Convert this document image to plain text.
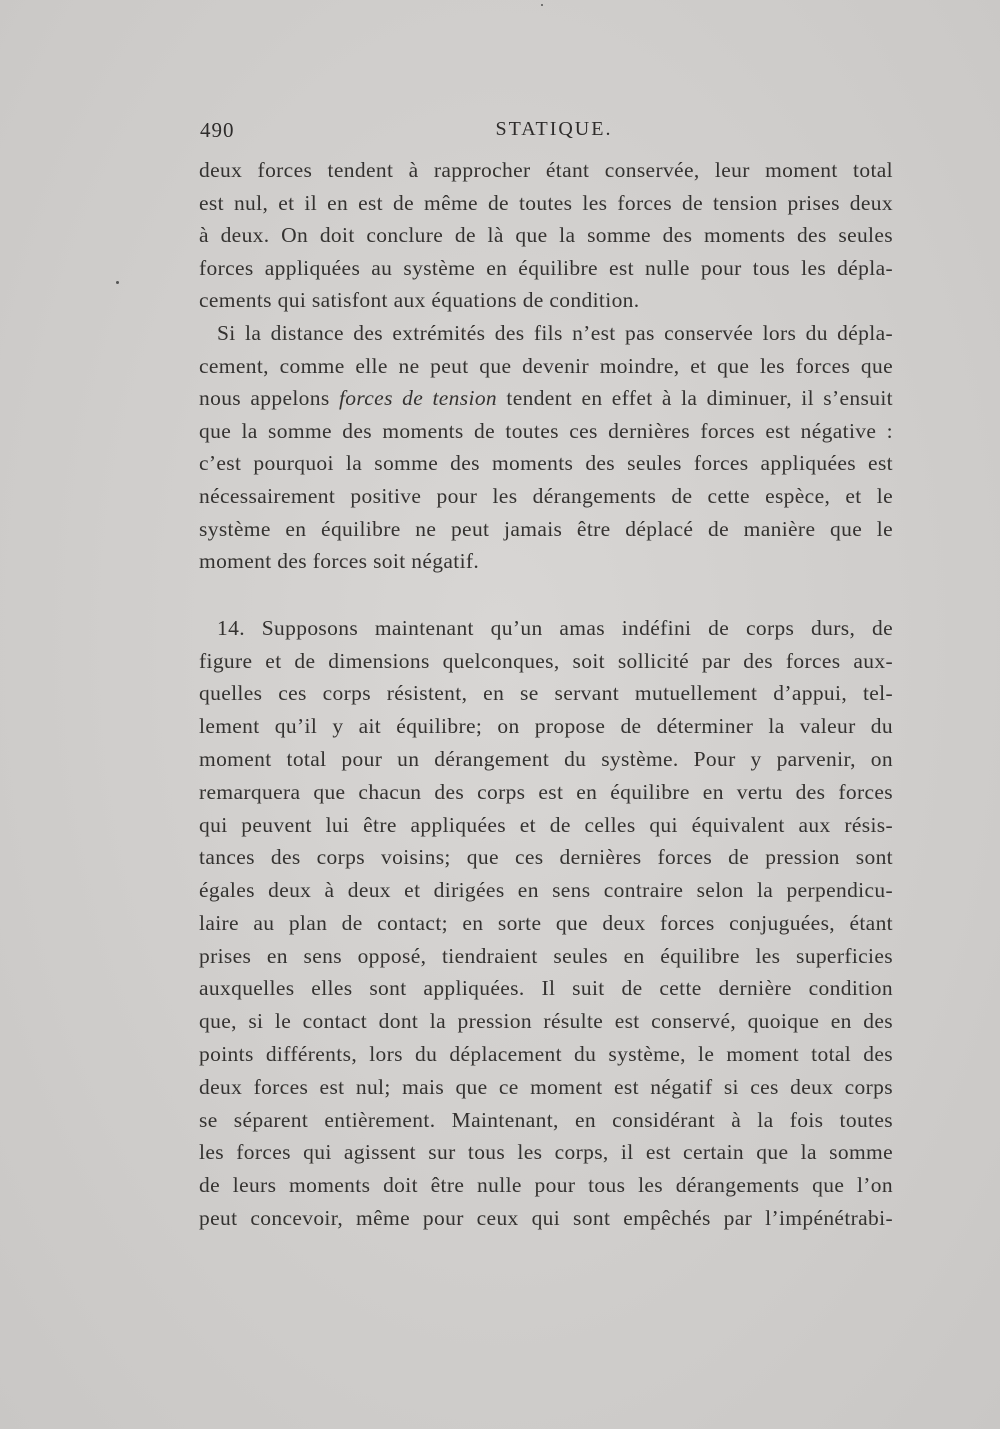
490	STATIQUE.
deux forces tendent à rapprocher étant conservée, leur moment total
est nul, et il en est de même de toutes les forces de tension prises deux
à deux. On doit conclure de là que la somme des moments des seules
forces appliquées au système en équilibre est nulle pour tous les dépla-
cements qui satisfont aux équations de condition.
Si la distance des extrémités des fils n’est pas conservée lors du dépla-
cement, comme elle ne peut que devenir moindre, et que les forces que
nous appelons forces de tension tendent en effet à la diminuer, il s’ensuit
que la somme des moments de toutes ces dernières forces est négative :
c’est pourquoi la somme des moments des seules forces appliquées est
nécessairement positive pour les dérangements de cette espèce, et le
système en équilibre ne peut jamais être déplacé de manière que le
moment des forces soit négatif.
14. Supposons maintenant qu’un amas indéfini de corps durs, de
figure et de dimensions quelconques, soit sollicité par des forces aux-
quelles ces corps résistent, en se servant mutuellement d’appui, tel-
lement qu’il y ait équilibre; on propose de déterminer la valeur du
moment total pour un dérangement du système. Pour y parvenir, on
remarquera que chacun des corps est en équilibre en vertu des forces
qui peuvent lui être appliquées et de celles qui équivalent aux résis-
tances des corps voisins; que ces dernières forces de pression sont
égales deux à deux et dirigées en sens contraire selon la perpendicu-
laire au plan de contact; en sorte que deux forces conjuguées, étant
prises en sens opposé, tiendraient seules en équilibre les superficies
auxquelles elles sont appliquées. Il suit de cette dernière condition
que, si le contact dont la pression résulte est conservé, quoique en des
points différents, lors du déplacement du système, le moment total des
deux forces est nul; mais que ce moment est négatif si ces deux corps
se séparent entièrement. Maintenant, en considérant à la fois toutes
les forces qui agissent sur tous les corps, il est certain que la somme
de leurs moments doit être nulle pour tous les dérangements que l’on
peut concevoir, même pour ceux qui sont empêchés par l’impénétrabi-
